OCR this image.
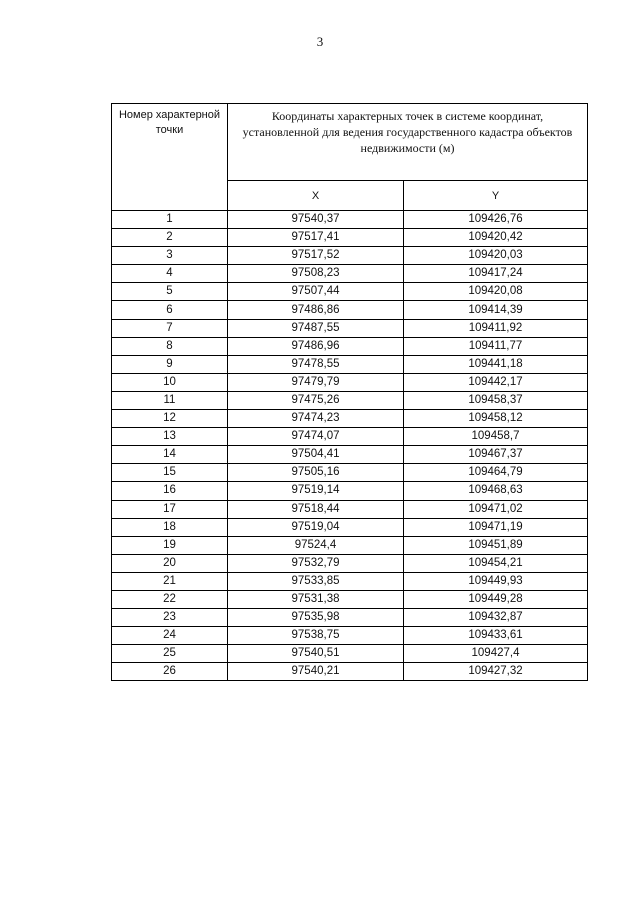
3
Номер характерной точки	Координаты характерных точек в системе координат, установленной для ведения государственного кадастра объектов недвижимости (м)	
	X	Y
1	97540,37	109426,76
2	97517,41	109420,42
3	97517,52	109420,03
4	97508,23	109417,24
5	97507,44	109420,08
6	97486,86	109414,39
7	97487,55	109411,92
8	97486,96	109411,77
9	97478,55	109441,18
10	97479,79	109442,17
11	97475,26	109458,37
12	97474,23	109458,12
13	97474,07	109458,7
14	97504,41	109467,37
15	97505,16	109464,79
16	97519,14	109468,63
17	97518,44	109471,02
18	97519,04	109471,19
19	97524,4	109451,89
20	97532,79	109454,21
21	97533,85	109449,93
22	97531,38	109449,28
23	97535,98	109432,87
24	97538,75	109433,61
25	97540,51	109427,4
26	97540,21	109427,32
